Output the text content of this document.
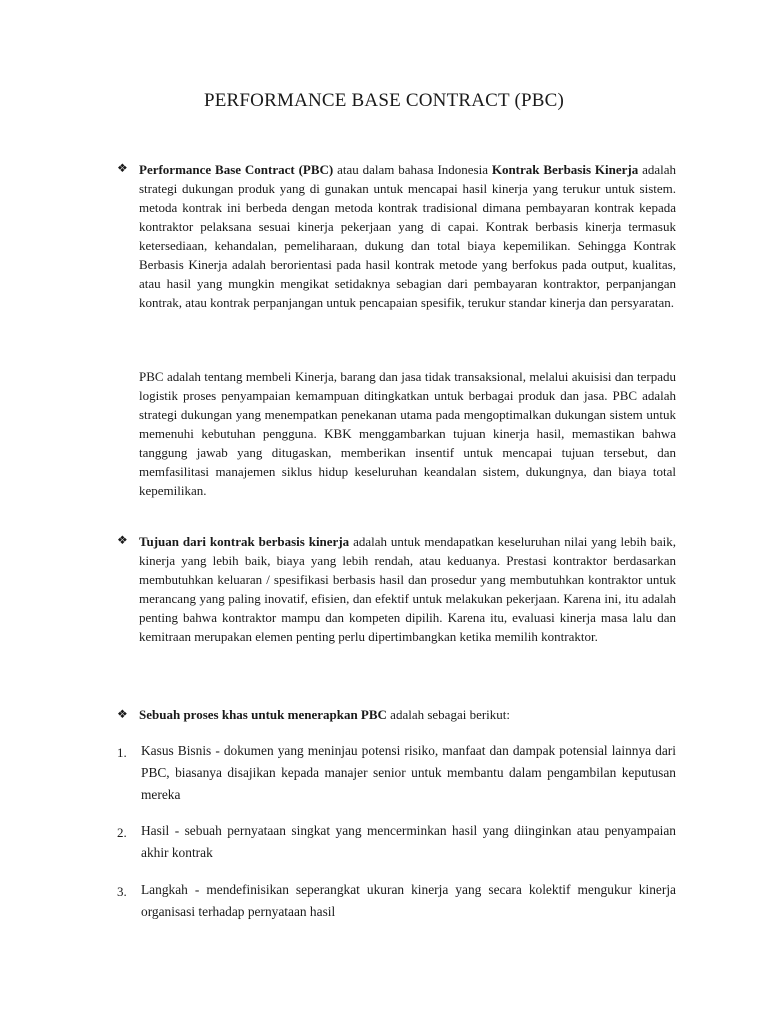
PERFORMANCE BASE CONTRACT (PBC)
❖ Performance Base Contract (PBC) atau dalam bahasa Indonesia Kontrak Berbasis Kinerja adalah strategi dukungan produk yang di gunakan untuk mencapai hasil kinerja yang terukur untuk sistem. metoda kontrak ini berbeda dengan metoda kontrak tradisional dimana pembayaran kontrak kepada kontraktor pelaksana sesuai kinerja pekerjaan yang di capai. Kontrak berbasis kinerja termasuk ketersediaan, kehandalan, pemeliharaan, dukung dan total biaya kepemilikan. Sehingga Kontrak Berbasis Kinerja adalah berorientasi pada hasil kontrak metode yang berfokus pada output, kualitas, atau hasil yang mungkin mengikat setidaknya sebagian dari pembayaran kontraktor, perpanjangan kontrak, atau kontrak perpanjangan untuk pencapaian spesifik, terukur standar kinerja dan persyaratan.
PBC adalah tentang membeli Kinerja, barang dan jasa tidak transaksional, melalui akuisisi dan terpadu logistik proses penyampaian kemampuan ditingkatkan untuk berbagai produk dan jasa. PBC adalah strategi dukungan yang menempatkan penekanan utama pada mengoptimalkan dukungan sistem untuk memenuhi kebutuhan pengguna. KBK menggambarkan tujuan kinerja hasil, memastikan bahwa tanggung jawab yang ditugaskan, memberikan insentif untuk mencapai tujuan tersebut, dan memfasilitasi manajemen siklus hidup keseluruhan keandalan sistem, dukungnya, dan biaya total kepemilikan.
❖ Tujuan dari kontrak berbasis kinerja adalah untuk mendapatkan keseluruhan nilai yang lebih baik, kinerja yang lebih baik, biaya yang lebih rendah, atau keduanya. Prestasi kontraktor berdasarkan membutuhkan keluaran / spesifikasi berbasis hasil dan prosedur yang membutuhkan kontraktor untuk merancang yang paling inovatif, efisien, dan efektif untuk melakukan pekerjaan. Karena ini, itu adalah penting bahwa kontraktor mampu dan kompeten dipilih. Karena itu, evaluasi kinerja masa lalu dan kemitraan merupakan elemen penting perlu dipertimbangkan ketika memilih kontraktor.
❖ Sebuah proses khas untuk menerapkan PBC adalah sebagai berikut:
1. Kasus Bisnis - dokumen yang meninjau potensi risiko, manfaat dan dampak potensial lainnya dari PBC, biasanya disajikan kepada manajer senior untuk membantu dalam pengambilan keputusan mereka
2. Hasil - sebuah pernyataan singkat yang mencerminkan hasil yang diinginkan atau penyampaian akhir kontrak
3. Langkah - mendefinisikan seperangkat ukuran kinerja yang secara kolektif mengukur kinerja organisasi terhadap pernyataan hasil
